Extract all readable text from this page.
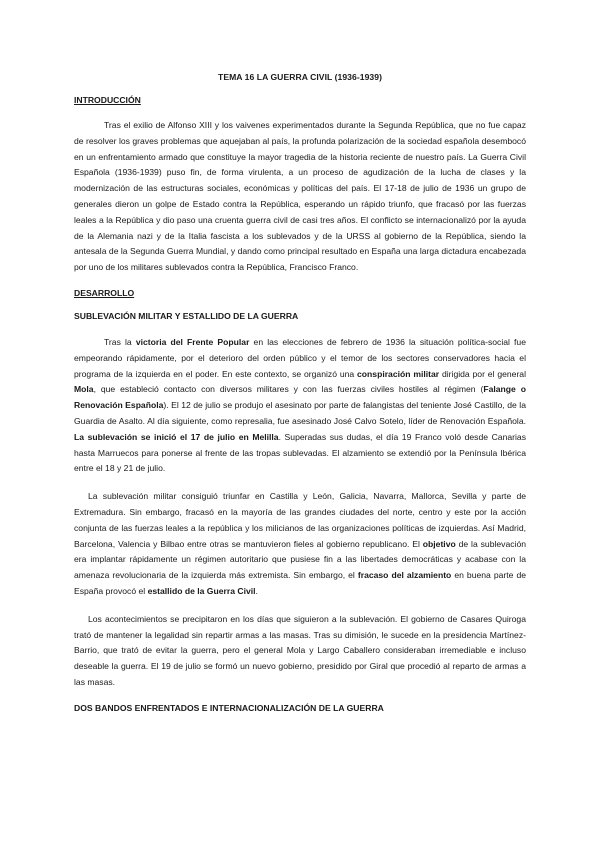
TEMA 16 LA GUERRA CIVIL (1936-1939)
INTRODUCCIÓN

Tras el exilio de Alfonso XIII y los vaivenes experimentados durante la Segunda República, que no fue capaz de resolver los graves problemas que aquejaban al país, la profunda polarización de la sociedad española desembocó en un enfrentamiento armado que constituye la mayor tragedia de la historia reciente de nuestro país. La Guerra Civil Española (1936-1939) puso fin, de forma virulenta, a un proceso de agudización de la lucha de clases y la modernización de las estructuras sociales, económicas y políticas del país. El 17-18 de julio de 1936 un grupo de generales dieron un golpe de Estado contra la República, esperando un rápido triunfo, que fracasó por las fuerzas leales a la República y dio paso una cruenta guerra civil de casi tres años. El conflicto se internacionalizó por la ayuda de la Alemania nazi y de la Italia fascista a los sublevados y de la URSS al gobierno de la República, siendo la antesala de la Segunda Guerra Mundial, y dando como principal resultado en España una larga dictadura encabezada por uno de los militares sublevados contra la República, Francisco Franco.

DESARROLLO
SUBLEVACIÓN MILITAR Y ESTALLIDO DE LA GUERRA

Tras la victoria del Frente Popular en las elecciones de febrero de 1936 la situación política-social fue empeorando rápidamente, por el deterioro del orden público y el temor de los sectores conservadores hacia el programa de la izquierda en el poder. En este contexto, se organizó una conspiración militar dirigida por el general Mola, que estableció contacto con diversos militares y con las fuerzas civiles hostiles al régimen (Falange o Renovación Española). El 12 de julio se produjo el asesinato por parte de falangistas del teniente José Castillo, de la Guardia de Asalto. Al día siguiente, como represalia, fue asesinado José Calvo Sotelo, líder de Renovación Española. La sublevación se inició el 17 de julio en Melilla. Superadas sus dudas, el día 19 Franco voló desde Canarias hasta Marruecos para ponerse al frente de las tropas sublevadas. El alzamiento se extendió por la Península Ibérica entre el 18 y 21 de julio.

La sublevación militar consiguió triunfar en Castilla y León, Galicia, Navarra, Mallorca, Sevilla y parte de Extremadura. Sin embargo, fracasó en la mayoría de las grandes ciudades del norte, centro y este por la acción conjunta de las fuerzas leales a la república y los milicianos de las organizaciones políticas de izquierdas. Así Madrid, Barcelona, Valencia y Bilbao entre otras se mantuvieron fieles al gobierno republicano. El objetivo de la sublevación era implantar rápidamente un régimen autoritario que pusiese fin a las libertades democráticas y acabase con la amenaza revolucionaria de la izquierda más extremista. Sin embargo, el fracaso del alzamiento en buena parte de España provocó el estallido de la Guerra Civil.

Los acontecimientos se precipitaron en los días que siguieron a la sublevación. El gobierno de Casares Quiroga trató de mantener la legalidad sin repartir armas a las masas. Tras su dimisión, le sucede en la presidencia Martínez-Barrio, que trató de evitar la guerra, pero el general Mola y Largo Caballero consideraban irremediable e incluso deseable la guerra. El 19 de julio se formó un nuevo gobierno, presidido por Giral que procedió al reparto de armas a las masas.

DOS BANDOS ENFRENTADOS E INTERNACIONALIZACIÓN DE LA GUERRA
